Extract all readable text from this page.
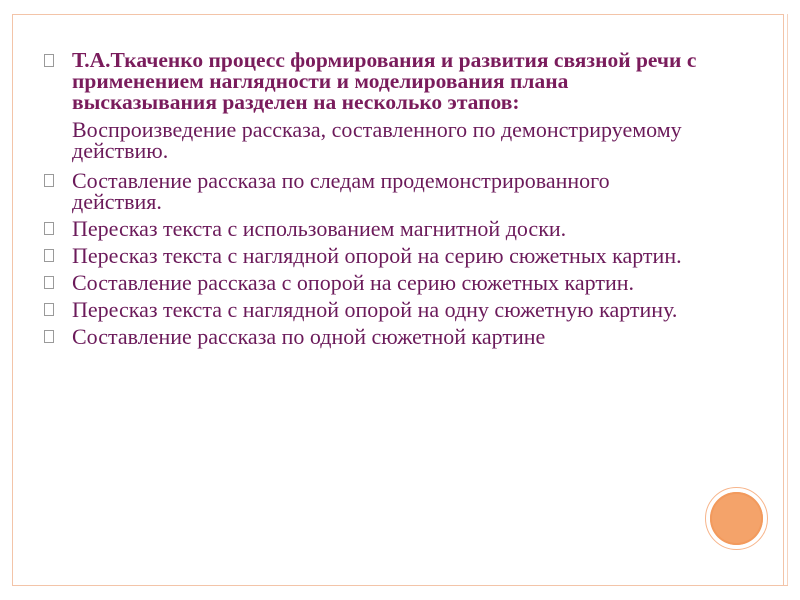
Т.А.Ткаченко процесс формирования и развития связной речи с применением наглядности и моделирования плана высказывания разделен на несколько этапов:
Воспроизведение рассказа, составленного по демонстрируемому действию.
Составление рассказа по следам продемонстрированного действия.
Пересказ текста с использованием магнитной доски.
Пересказ текста с наглядной опорой на серию сюжетных картин.
Составление рассказа с опорой на серию сюжетных картин.
Пересказ текста с наглядной опорой на одну сюжетную картину.
Составление рассказа по одной сюжетной картине
